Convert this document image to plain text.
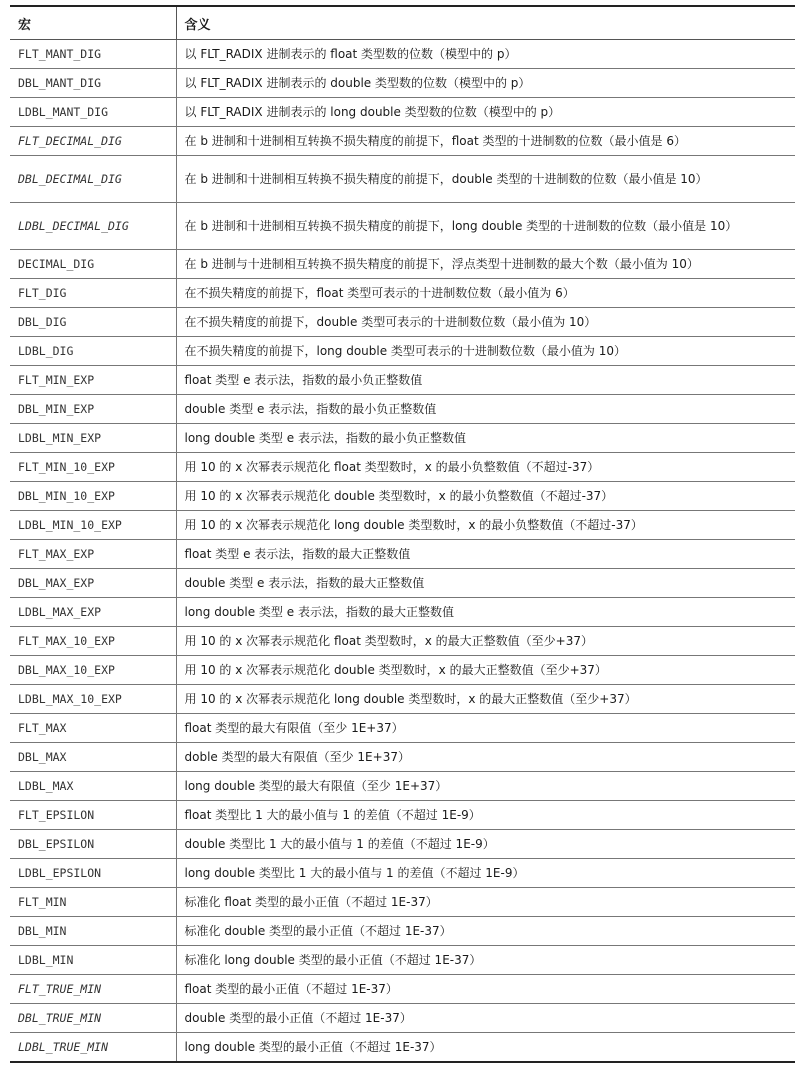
宏	含义
FLT_MANT_DIG	以 FLT_RADIX 进制表示的 float 类型数的位数（模型中的 p）
DBL_MANT_DIG	以 FLT_RADIX 进制表示的 double 类型数的位数（模型中的 p）
LDBL_MANT_DIG	以 FLT_RADIX 进制表示的 long double 类型数的位数（模型中的 p）
FLT_DECIMAL_DIG	在 b 进制和十进制相互转换不损失精度的前提下，float 类型的十进制数的位数（最小值是 6）
DBL_DECIMAL_DIG	在 b 进制和十进制相互转换不损失精度的前提下，double 类型的十进制数的位数（最小值是 10）
LDBL_DECIMAL_DIG	在 b 进制和十进制相互转换不损失精度的前提下，long double 类型的十进制数的位数（最小值是 10）
DECIMAL_DIG	在 b 进制与十进制相互转换不损失精度的前提下，浮点类型十进制数的最大个数（最小值为 10）
FLT_DIG	在不损失精度的前提下，float 类型可表示的十进制数位数（最小值为 6）
DBL_DIG	在不损失精度的前提下，double 类型可表示的十进制数位数（最小值为 10）
LDBL_DIG	在不损失精度的前提下，long double 类型可表示的十进制数位数（最小值为 10）
FLT_MIN_EXP	float 类型 e 表示法，指数的最小负正整数值
DBL_MIN_EXP	double 类型 e 表示法，指数的最小负正整数值
LDBL_MIN_EXP	long double 类型 e 表示法，指数的最小负正整数值
FLT_MIN_10_EXP	用 10 的 x 次幂表示规范化 float 类型数时，x 的最小负整数值（不超过-37）
DBL_MIN_10_EXP	用 10 的 x 次幂表示规范化 double 类型数时，x 的最小负整数值（不超过-37）
LDBL_MIN_10_EXP	用 10 的 x 次幂表示规范化 long double 类型数时，x 的最小负整数值（不超过-37）
FLT_MAX_EXP	float 类型 e 表示法，指数的最大正整数值
DBL_MAX_EXP	double 类型 e 表示法，指数的最大正整数值
LDBL_MAX_EXP	long double 类型 e 表示法，指数的最大正整数值
FLT_MAX_10_EXP	用 10 的 x 次幂表示规范化 float 类型数时，x 的最大正整数值（至少+37）
DBL_MAX_10_EXP	用 10 的 x 次幂表示规范化 double 类型数时，x 的最大正整数值（至少+37）
LDBL_MAX_10_EXP	用 10 的 x 次幂表示规范化 long double 类型数时，x 的最大正整数值（至少+37）
FLT_MAX	float 类型的最大有限值（至少 1E+37）
DBL_MAX	doble 类型的最大有限值（至少 1E+37）
LDBL_MAX	long double 类型的最大有限值（至少 1E+37）
FLT_EPSILON	float 类型比 1 大的最小值与 1 的差值（不超过 1E-9）
DBL_EPSILON	double 类型比 1 大的最小值与 1 的差值（不超过 1E-9）
LDBL_EPSILON	long double 类型比 1 大的最小值与 1 的差值（不超过 1E-9）
FLT_MIN	标准化 float 类型的最小正值（不超过 1E-37）
DBL_MIN	标准化 double 类型的最小正值（不超过 1E-37）
LDBL_MIN	标准化 long double 类型的最小正值（不超过 1E-37）
FLT_TRUE_MIN	float 类型的最小正值（不超过 1E-37）
DBL_TRUE_MIN	double 类型的最小正值（不超过 1E-37）
LDBL_TRUE_MIN	long double 类型的最小正值（不超过 1E-37）
